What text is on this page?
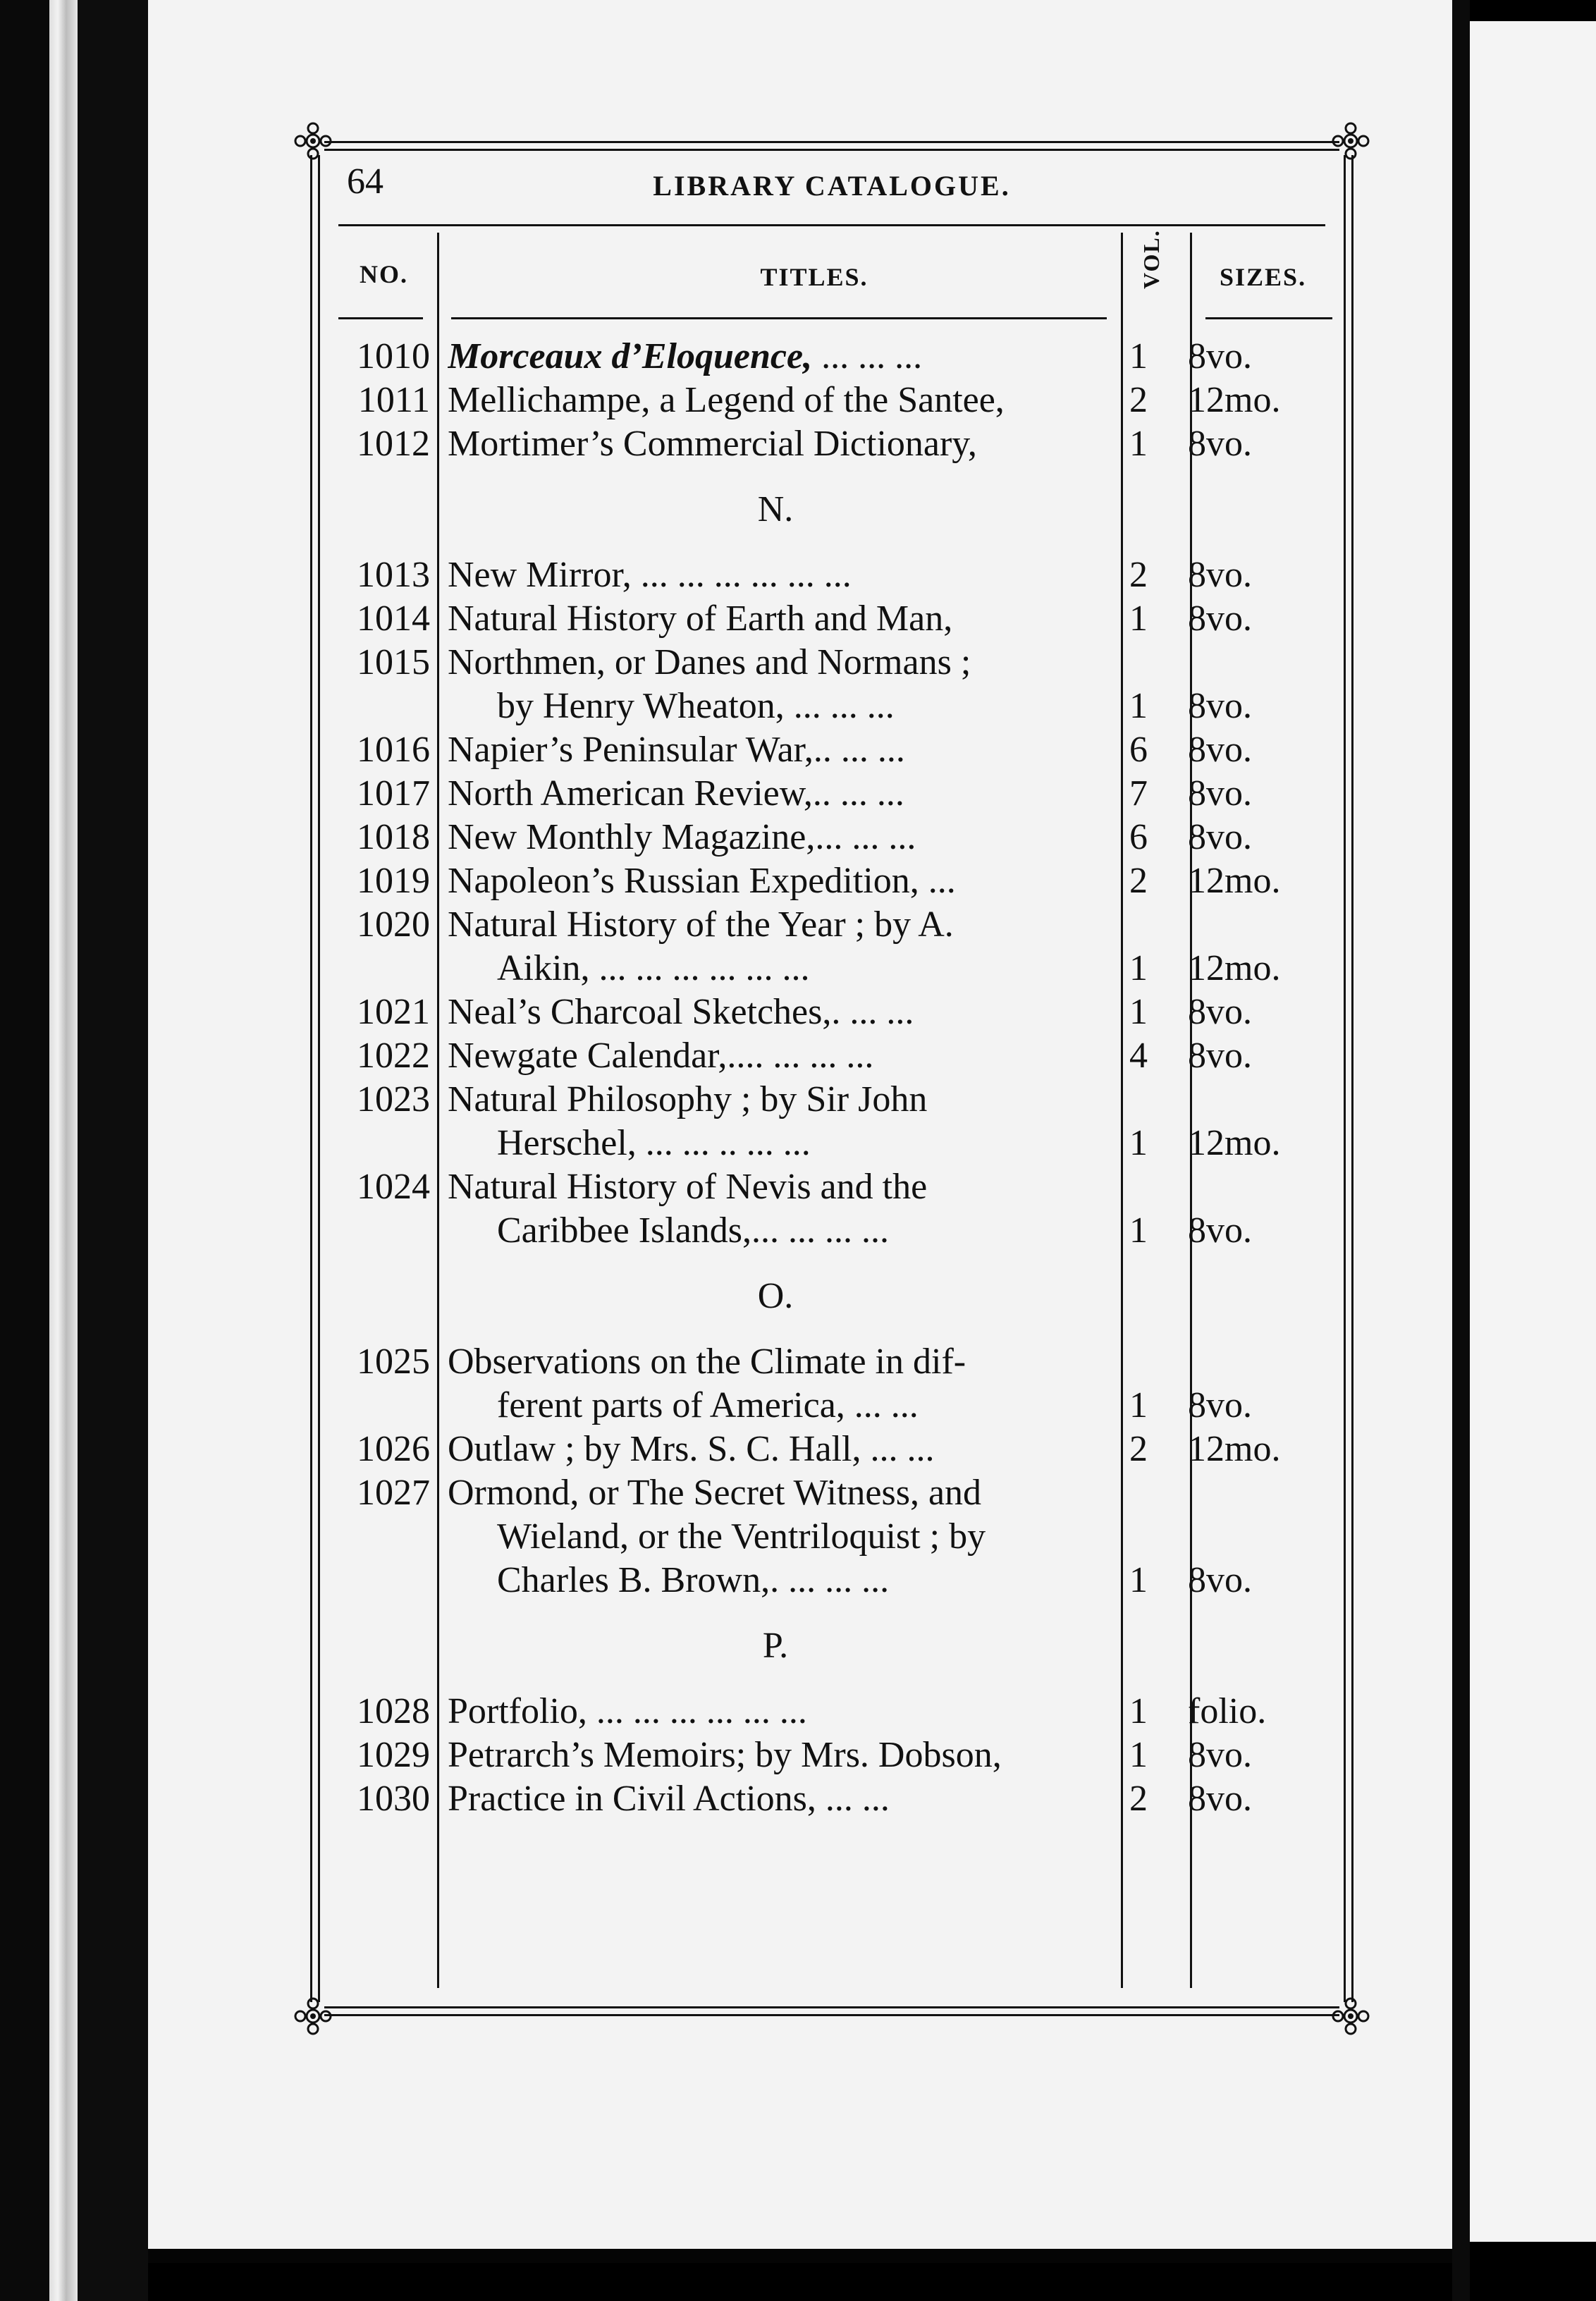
64	LIBRARY CATALOGUE.
NO.	TITLES.	VOL. SIZES.
1010 Morceaux d’Eloquence, ... ... ...	1	8vo.
1011 Mellichampe, a Legend of the Santee,	2	12mo.
1012 Mortimer’s Commercial Dictionary,	1	8vo.
N.
1013 New Mirror, ... ... ... ... ... ...	2	8vo.
1014 Natural History of Earth and Man,	1	8vo.
1015 Northmen, or Danes and Normans ;
by Henry Wheaton, ... ... ...	1	8vo.
1016 Napier’s Peninsular War,.. ... ...	6	8vo.
1017 North American Review,.. ... ...	7	8vo.
1018 New Monthly Magazine,... ... ...	6	8vo.
1019 Napoleon’s Russian Expedition, ...	2	12mo.
1020 Natural History of the Year ; by A.
Aikin, ... ... ... ... ... ...	1	12mo.
1021 Neal’s Charcoal Sketches,. ... ...	1	8vo.
1022 Newgate Calendar,.... ... ... ...	4	8vo.
1023 Natural Philosophy ; by Sir John
Herschel, ... ... .. ... ...	1	12mo.
1024 Natural History of Nevis and the
Caribbee Islands,... ... ... ...	1	8vo.
O.
1025 Observations on the Climate in dif-
ferent parts of America, ... ...	1	8vo.
1026 Outlaw ; by Mrs. S. C. Hall, ... ...	2	12mo.
1027 Ormond, or The Secret Witness, and
Wieland, or the Ventriloquist ; by
Charles B. Brown,. ... ... ...	1	8vo.
P.
1028 Portfolio, ... ... ... ... ... ...	1	folio.
1029 Petrarch’s Memoirs; by Mrs. Dobson,	1	8vo.
1030 Practice in Civil Actions, ... ...	2	8vo.
